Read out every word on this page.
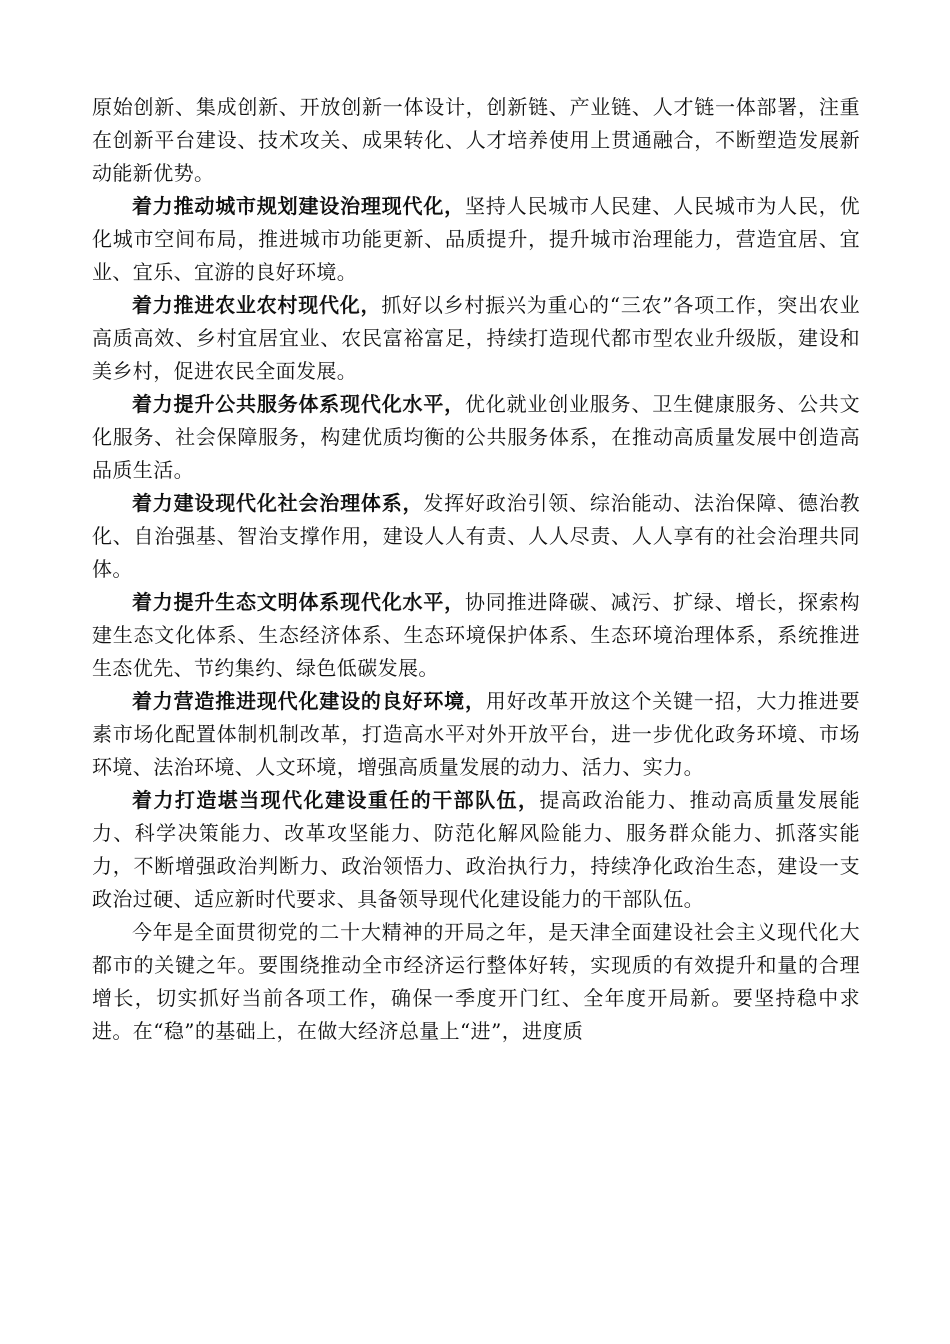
原始创新、集成创新、开放创新一体设计，创新链、产业链、人才链一体部署，注重在创新平台建设、技术攻关、成果转化、人才培养使用上贯通融合，不断塑造发展新动能新优势。

着力推动城市规划建设治理现代化，坚持人民城市人民建、人民城市为人民，优化城市空间布局，推进城市功能更新、品质提升，提升城市治理能力，营造宜居、宜业、宜乐、宜游的良好环境。

着力推进农业农村现代化，抓好以乡村振兴为重心的“三农”各项工作，突出农业高质高效、乡村宜居宜业、农民富裕富足，持续打造现代都市型农业升级版，建设和美乡村，促进农民全面发展。

着力提升公共服务体系现代化水平，优化就业创业服务、卫生健康服务、公共文化服务、社会保障服务，构建优质均衡的公共服务体系，在推动高质量发展中创造高品质生活。

着力建设现代化社会治理体系，发挥好政治引领、综治能动、法治保障、德治教化、自治强基、智治支撑作用，建设人人有责、人人尽责、人人享有的社会治理共同体。

着力提升生态文明体系现代化水平，协同推进降碳、减污、扩绿、增长，探索构建生态文化体系、生态经济体系、生态环境保护体系、生态环境治理体系，系统推进生态优先、节约集约、绿色低碳发展。

着力营造推进现代化建设的良好环境，用好改革开放这个关键一招，大力推进要素市场化配置体制机制改革，打造高水平对外开放平台，进一步优化政务环境、市场环境、法治环境、人文环境，增强高质量发展的动力、活力、实力。

着力打造堪当现代化建设重任的干部队伍，提高政治能力、推动高质量发展能力、科学决策能力、改革攻坚能力、防范化解风险能力、服务群众能力、抓落实能力，不断增强政治判断力、政治领悟力、政治执行力，持续净化政治生态，建设一支政治过硬、适应新时代要求、具备领导现代化建设能力的干部队伍。

今年是全面贯彻党的二十大精神的开局之年，是天津全面建设社会主义现代化大都市的关键之年。要围绕推动全市经济运行整体好转，实现质的有效提升和量的合理增长，切实抓好当前各项工作，确保一季度开门红、全年度开局新。要坚持稳中求进。在“稳”的基础上，在做大经济总量上“进”，进度质
